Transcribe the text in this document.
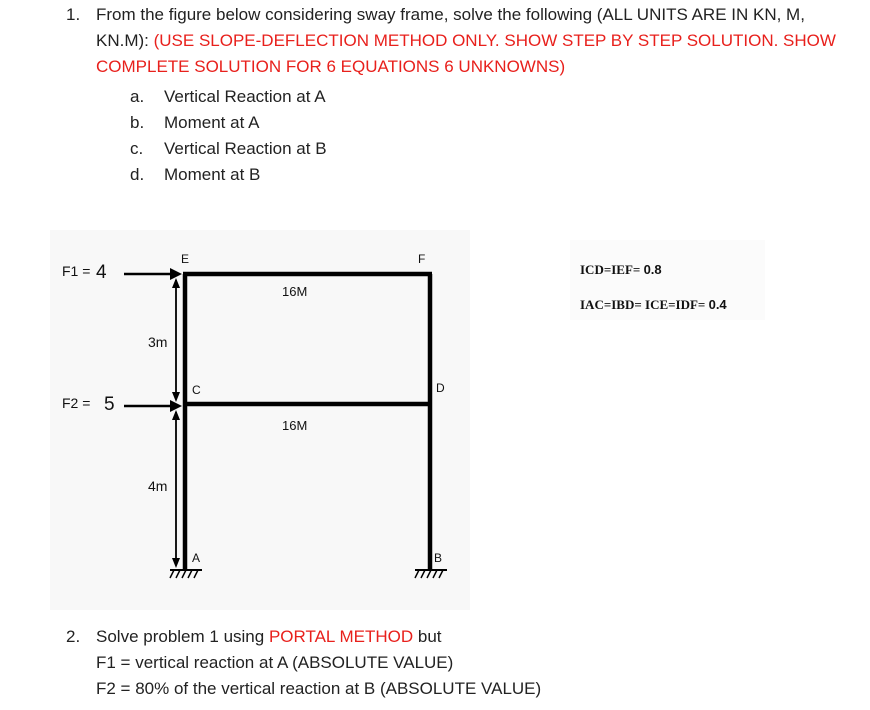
1. From the figure below considering sway frame, solve the following (ALL UNITS ARE IN KN, M,
KN.M): (USE SLOPE-DEFLECTION METHOD ONLY. SHOW STEP BY STEP SOLUTION. SHOW
COMPLETE SOLUTION FOR 6 EQUATIONS 6 UNKNOWNS)
a. Vertical Reaction at A
b. Moment at A
c. Vertical Reaction at B
d. Moment at B
F1 = 4
F2 = 5
E	F
C	D
A	B
16M
16M
3m
4m
ICD=IEF= 0.8
IAC=IBD= ICE=IDF= 0.4
2. Solve problem 1 using PORTAL METHOD but
F1 = vertical reaction at A (ABSOLUTE VALUE)
F2 = 80% of the vertical reaction at B (ABSOLUTE VALUE)
